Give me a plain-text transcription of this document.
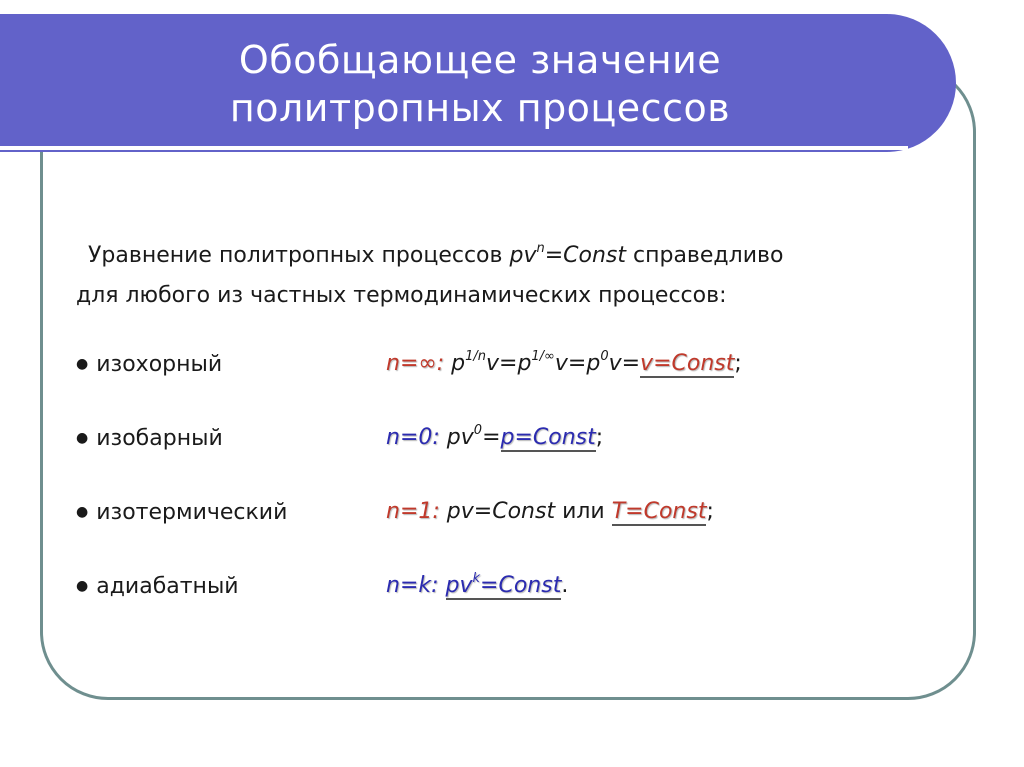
Обобщающее значение
политропных процессов
Уравнение политропных процессов $pv^n=Const$ справедливо
для любого из частных термодинамических процессов:
● изохорный	n=∞: $p^{1/n}v=p^{1/\infty}v=p^0v=v=Const$;
● изобарный	n=0: $pv^0=p=Const$;
● изотермический	n=1: pv=Const или T=Const;
● адиабатный	n=k: $pv^k=Const$.
